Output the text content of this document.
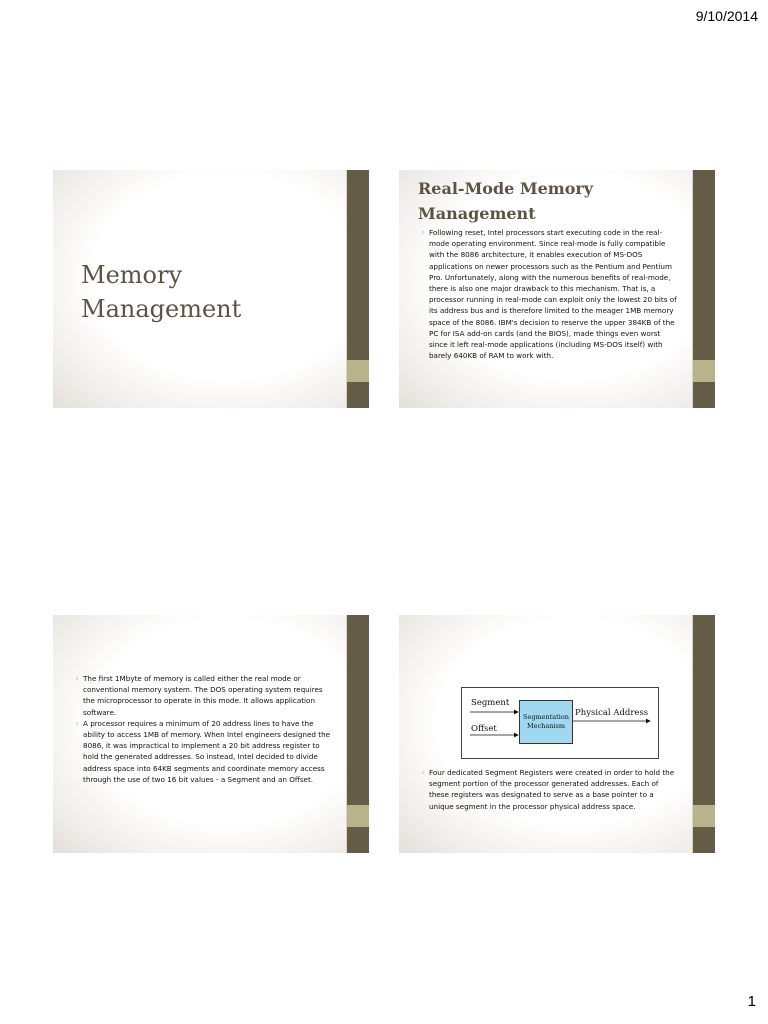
9/10/2014
Memory Management
Real-Mode Memory Management
◦ Following reset, Intel processors start executing code in the real-mode operating environment. Since real-mode is fully compatible with the 8086 architecture, it enables execution of MS-DOS applications on newer processors such as the Pentium and Pentium Pro. Unfortunately, along with the numerous benefits of real-mode, there is also one major drawback to this mechanism. That is, a processor running in real-mode can exploit only the lowest 20 bits of its address bus and is therefore limited to the meager 1MB memory space of the 8086. IBM's decision to reserve the upper 384KB of the PC for ISA add-on cards (and the BIOS), made things even worst since it left real-mode applications (including MS-DOS itself) with barely 640KB of RAM to work with.
◦ The first 1Mbyte of memory is called either the real mode or conventional memory system. The DOS operating system requires the microprocessor to operate in this mode. It allows application software.
◦ A processor requires a minimum of 20 address lines to have the ability to access 1MB of memory. When Intel engineers designed the 8086, it was impractical to implement a 20 bit address register to hold the generated addresses. So instead, Intel decided to divide address space into 64KB segments and coordinate memory access through the use of two 16 bit values - a Segment and an Offset.
Segment
Offset
Segmentation
Mechanism
Physical Address
◦ Four dedicated Segment Registers were created in order to hold the segment portion of the processor generated addresses. Each of these registers was designated to serve as a base pointer to a unique segment in the processor physical address space.
1
